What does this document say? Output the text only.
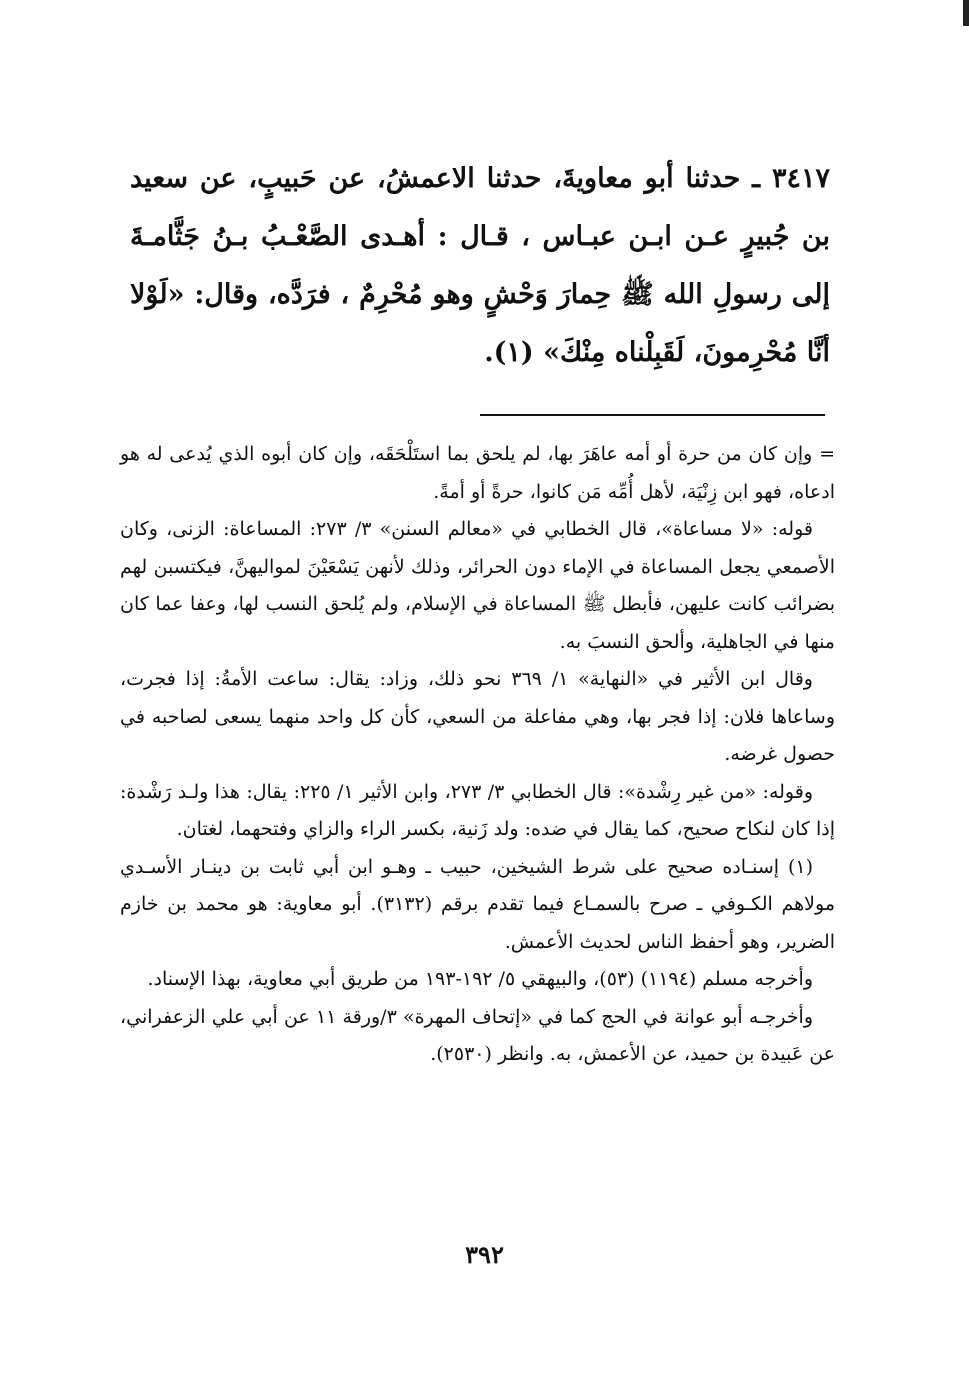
٣٤١٧ ـ حدثنا أبو معاويةَ، حدثنا الاعمشُ، عن حَبيبٍ، عن سعيد بن جُبيرٍ عـن ابـن عبـاس ، قـال : أهـدى الصَّعْـبُ بـنُ جَثَّامـةَ إلى رسولِ الله ﷺ حِمارَ وَحْشٍ وهو مُحْرِمٌ ، فرَدَّه، وقال: «لَوْلا أنَّا مُحْرِمونَ، لَقَبِلْناه مِنْكَ» (١).

= وإن كان من حرة أو أمه عاهَرَ بها، لم يلحق بما استَلْحَقَه، وإن كان أبوه الذي يُدعى له هو ادعاه، فهو ابن زِنْيَة، لأهل أُمِّه مَن كانوا، حرةً أو أمةً.

قوله: «لا مساعاة»، قال الخطابي في «معالم السنن» ٣/ ٢٧٣: المساعاة: الزنى، وكان الأصمعي يجعل المساعاة في الإماء دون الحرائر، وذلك لأنهن يَسْعَيْنَ لمواليهنَّ، فيكتسبن لهم بضرائب كانت عليهن، فأبطل ﷺ المساعاة في الإسلام، ولم يُلحق النسب لها، وعفا عما كان منها في الجاهلية، وألحق النسبَ به.

وقال ابن الأثير في «النهاية» ١/ ٣٦٩ نحو ذلك، وزاد: يقال: ساعت الأمةُ: إذا فجرت، وساعاها فلان: إذا فجر بها، وهي مفاعلة من السعي، كأن كل واحد منهما يسعى لصاحبه في حصول غرضه.

وقوله: «من غير رِشْدة»: قال الخطابي ٣/ ٢٧٣، وابن الأثير ١/ ٢٢٥: يقال: هذا ولـد رَشْدة: إذا كان لنكاح صحيح، كما يقال في ضده: ولد زَنية، بكسر الراء والزاي وفتحهما، لغتان.

(١) إسنـاده صحيح على شرط الشيخين، حبيب ـ وهـو ابن أبي ثابت بن دينـار الأسـدي مولاهم الكـوفي ـ صرح بالسمـاع فيما تقدم برقم (٣١٣٢). أبو معاوية: هو محمد بن خازم الضرير، وهو أحفظ الناس لحديث الأعمش.

وأخرجه مسلم (١١٩٤) (٥٣)، والبيهقي ٥/ ١٩٢-١٩٣ من طريق أبي معاوية، بهذا الإسناد.

وأخرجـه أبو عوانة في الحج كما في «إتحاف المهرة» ٣/ورقة ١١ عن أبي علي الزعفراني، عن عَبيدة بن حميد، عن الأعمش، به. وانظر (٢٥٣٠).

٣٩٢
